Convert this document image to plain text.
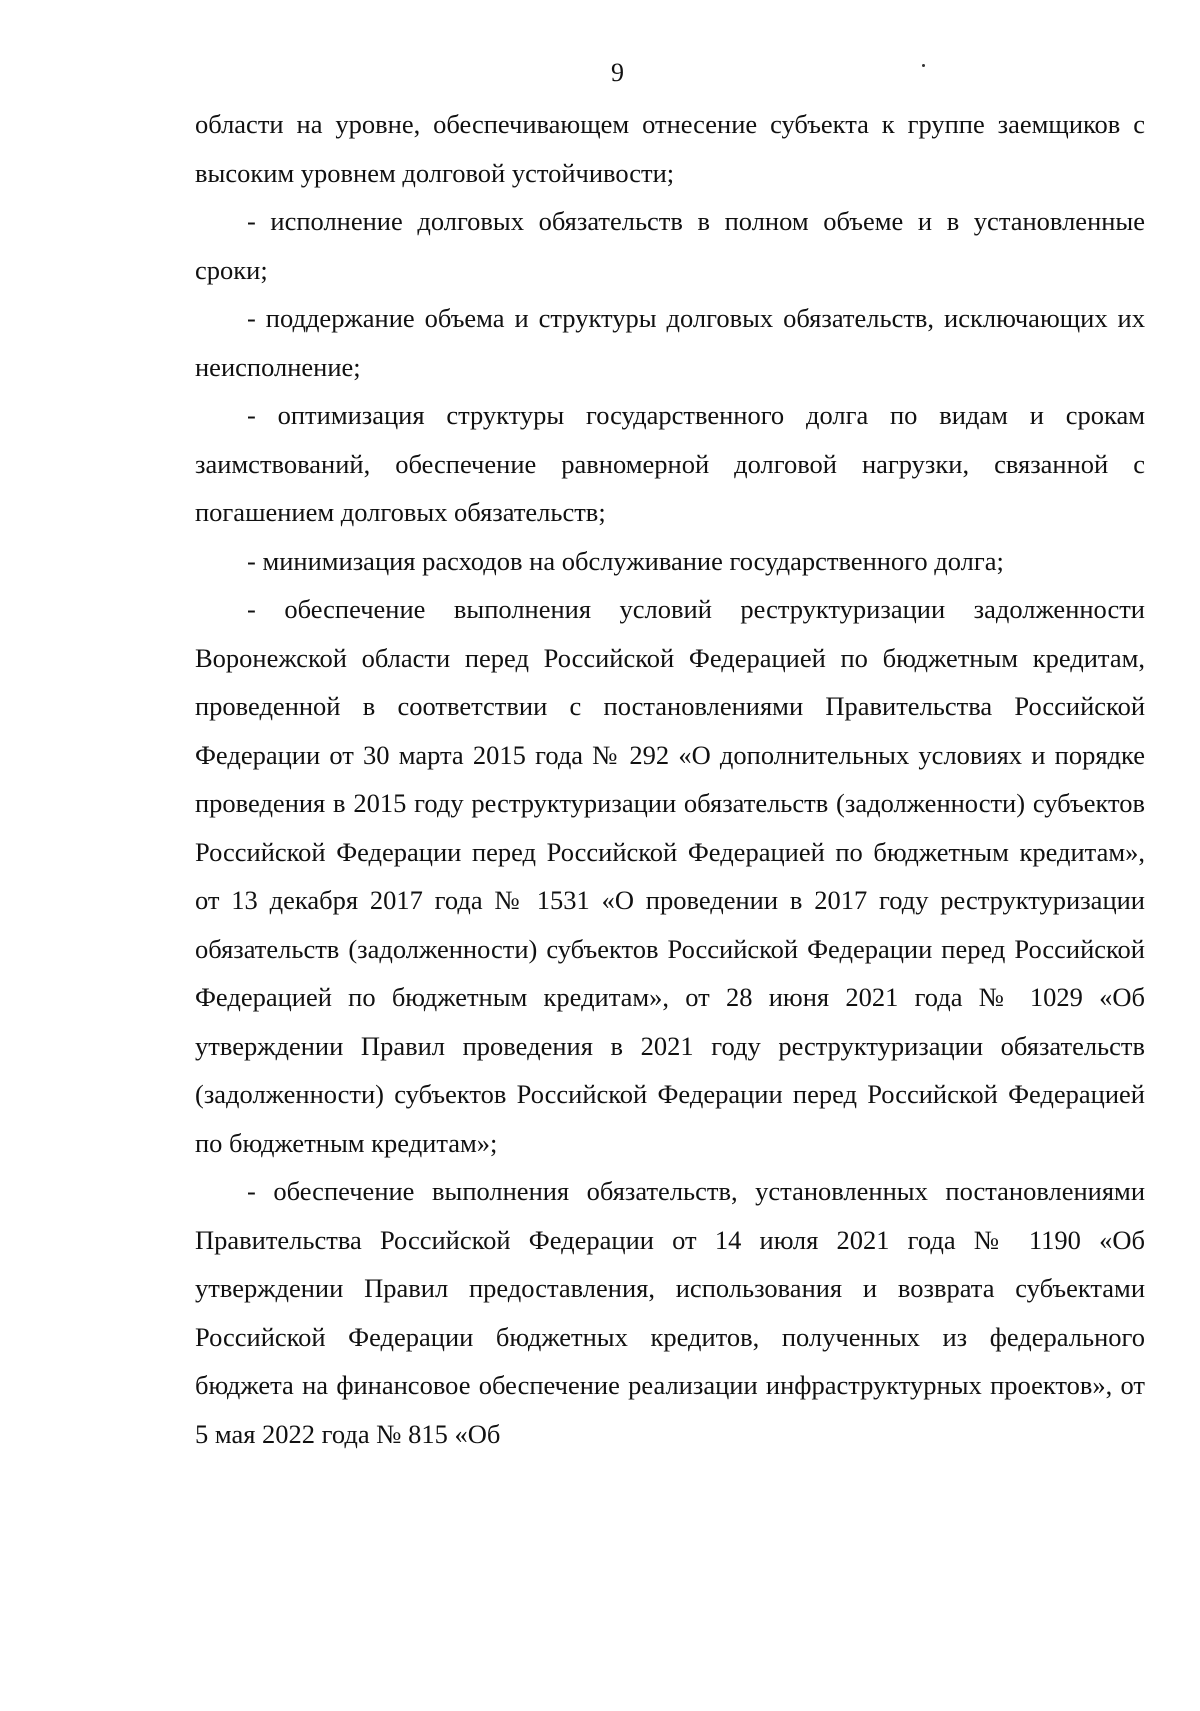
9

области на уровне, обеспечивающем отнесение субъекта к группе заемщиков с высоким уровнем долговой устойчивости;

- исполнение долговых обязательств в полном объеме и в установленные сроки;

- поддержание объема и структуры долговых обязательств, исключающих их неисполнение;

- оптимизация структуры государственного долга по видам и срокам заимствований, обеспечение равномерной долговой нагрузки, связанной с погашением долговых обязательств;

- минимизация расходов на обслуживание государственного долга;

- обеспечение выполнения условий реструктуризации задолженности Воронежской области перед Российской Федерацией по бюджетным кредитам, проведенной в соответствии с постановлениями Правительства Российской Федерации от 30 марта 2015 года № 292 «О дополнительных условиях и порядке проведения в 2015 году реструктуризации обязательств (задолженности) субъектов Российской Федерации перед Российской Федерацией по бюджетным кредитам», от 13 декабря 2017 года № 1531 «О проведении в 2017 году реструктуризации обязательств (задолженности) субъектов Российской Федерации перед Российской Федерацией по бюджетным кредитам», от 28 июня 2021 года № 1029 «Об утверждении Правил проведения в 2021 году реструктуризации обязательств (задолженности) субъектов Российской Федерации перед Российской Федерацией по бюджетным кредитам»;

- обеспечение выполнения обязательств, установленных постановлениями Правительства Российской Федерации от 14 июля 2021 года № 1190 «Об утверждении Правил предоставления, использования и возврата субъектами Российской Федерации бюджетных кредитов, полученных из федерального бюджета на финансовое обеспечение реализации инфраструктурных проектов», от 5 мая 2022 года № 815 «Об
